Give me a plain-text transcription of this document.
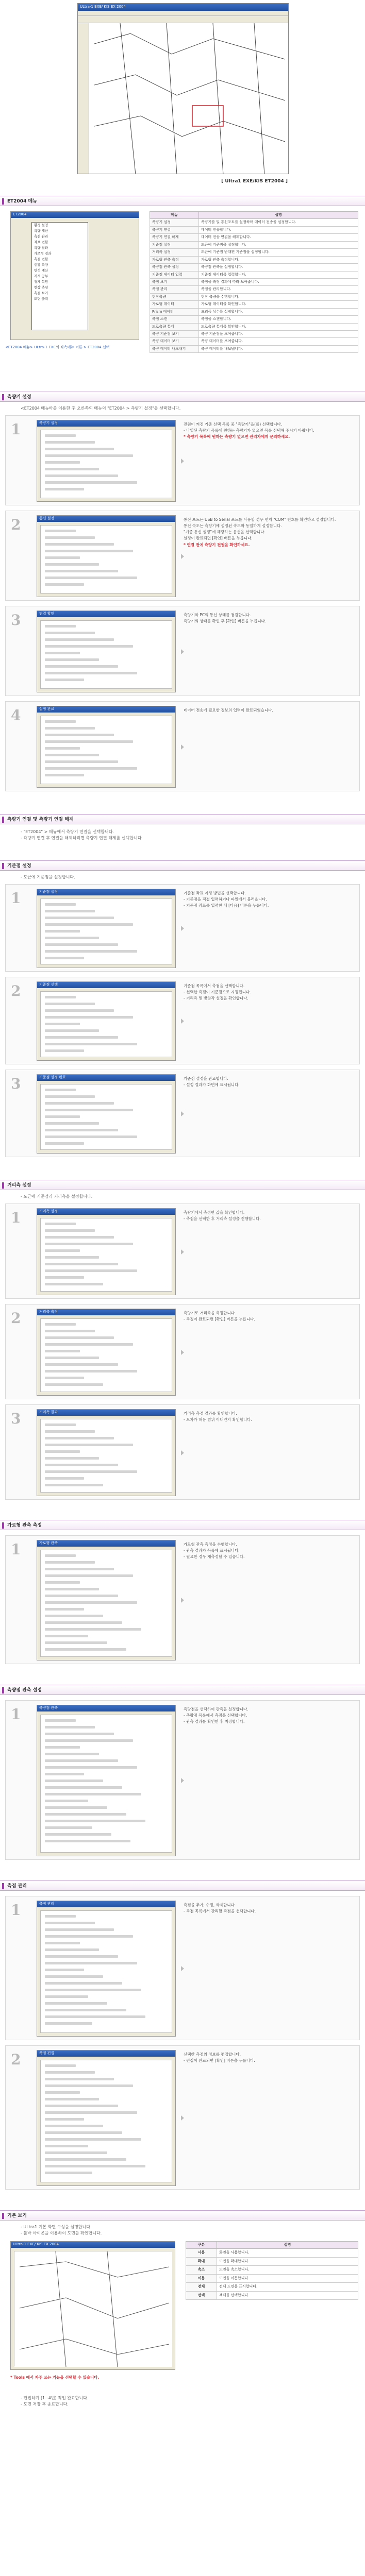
ULtra-1 EXE/ KIS EX 2004
[ Ultra1 EXE/KIS ET2004 ]
ET2004 메뉴
ET2004
환경 설정
측량 계산
측점 관리
좌표 변환
측량 결과
가로형 결과
측점 변환
현황 측량
면적 계산
지적 공부
경계 복원
현장 측량
측점 보기
도면 출력
<ET2004 메뉴> ULtra-1 EXE의 좌측메뉴 버튼 > ET2004 선택
메뉴	설명
측량기 설정	측량기를 및 통신포트를 설정하며 데이터 전송을 설정합니다.
측량기 연결	데이터 전송합니다.
측량기 연결 해제	데이터 전송 연결을 해제합니다.
기준점 설정	도근에 기준점을 설정합니다.
거리측 설정	도근에 기준점 반대편 기준점을 설정합니다.
가로형 관측 측정	가로형 관측 측정합니다.
측량점 관측 설정	측량점 관측을 설정합니다.
기준점 데이터 입력	기준점 데이터를 입력합니다.
측점 보기	측점을 측정 결과에 따라 보여줍니다.
측점 관리	측점을 관리합니다.
현장측량	현장 측량을 수행합니다.
가로형 데이터	가로형 데이터를 확인합니다.
Prism 데이터	프리즘 상수를 설정합니다.
측점 스캔	측점을 스캔합니다.
도로측량 통계	도로측량 통계를 확인합니다.
측량 기준점 보기	측량 기준점을 보여줍니다.
측량 데이터 보기	측량 데이터를 보여줍니다.
측량 데이터 내보내기	측량 데이터를 내보냅니다.
측량기 설정
<ET2004 메뉴바를 이용한 후 오른쪽의 메뉴의 "ET2004 > 측량기 설정"을 선택합니다.
1	측량기 설정	전원이 켜진 기종 선택 목록 중 "측량기"을(를) 선택합니다.
- 나열된 측량기 목록에 원하는 측량기가 없으면 목록 선택해 주시기 바랍니다.
* 측량기 목록에 원하는 측량기 없으면 관리자에게 문의하세요.
2	통신 설정	통신 포트는 USB to Serial 포트를 사용할 경우 먼저 "COM" 번호를 확인하고 설정합니다.
통신 속도는 측량기에 설정된 속도와 동일하게 설정합니다.
"기종 통신 설정"에 해당하는 옵션을 선택합니다.
설정이 완료되면 [확인] 버튼을 누릅니다.
* 연결 전에 측량기 전원을 확인하세요.
3	연결 확인	측량기와 PC의 통신 상태를 점검합니다.
측량기의 상태를 확인 후 [확인] 버튼을 누릅니다.
4	설정 완료	데이터 전송에 필요한 정보의 입력이 완료되었습니다.
측량기 연결 및 측량기 연결 해제
- "ET2004" > 메뉴에서 측량기 연결을 선택합니다.
- 측량기 연결 후 연결을 해제하려면 측량기 연결 해제를 선택합니다.
기준점 설정
- 도근에 기준점을 설정합니다.
1	기준점 설정	기준점 좌표 지정 방법을 선택합니다.
- 기준점을 직접 입력하거나 파일에서 불러옵니다.
- 기준점 좌표를 입력한 뒤 [다음] 버튼을 누릅니다.
2	기준점 선택	기준점 목록에서 측점을 선택합니다.
- 선택한 측점이 기준점으로 지정됩니다.
- 거리측 및 방향각 설정을 확인합니다.
3	기준점 설정 완료	기준점 설정을 완료합니다.
- 설정 결과가 화면에 표시됩니다.
거리측 설정
- 도근에 기준점과 거리측을 설정합니다.
1	거리측 설정	측량기에서 측정한 값을 확인합니다.
- 측점을 선택한 후 거리측 설정을 진행합니다.
2	거리측 측정	측량기로 거리측을 측정합니다.
- 측정이 완료되면 [확인] 버튼을 누릅니다.
3	거리측 결과	거리측 측정 결과를 확인합니다.
- 오차가 허용 범위 이내인지 확인합니다.
가로형 관측 측정
1	가로형 관측	가로형 관측 측정을 수행합니다.
- 관측 결과가 목록에 표시됩니다.
- 필요한 경우 재측정할 수 있습니다.
측량점 관측 설정
1	측량점 관측	측량점을 선택하여 관측을 설정합니다.
- 측량점 목록에서 측점을 선택합니다.
- 관측 결과를 확인한 후 저장합니다.
측점 관리
1	측점 관리	측점을 추가, 수정, 삭제합니다.
- 측점 목록에서 관리할 측점을 선택합니다.
2	측점 편집	선택한 측점의 정보를 편집합니다.
- 편집이 완료되면 [확인] 버튼을 누릅니다.
기본 보기
- ULtra1 기본 화면 구성을 설명합니다.
- 툴바 아이콘을 이용하여 도면을 확인합니다.
ULtra-1 EXE/ KIS EX 2004
* Tools 에서 자주 쓰는 기능을 선택할 수 있습니다.
구분	설명
사용	화면을 사용합니다.
확대	도면을 확대합니다.
축소	도면을 축소합니다.
이동	도면을 이동합니다.
전체	전체 도면을 표시합니다.
선택	객체를 선택합니다.
- 편집하기 (1~4번) 작업 완료합니다.
- 도면 저장 후 종료합니다.
